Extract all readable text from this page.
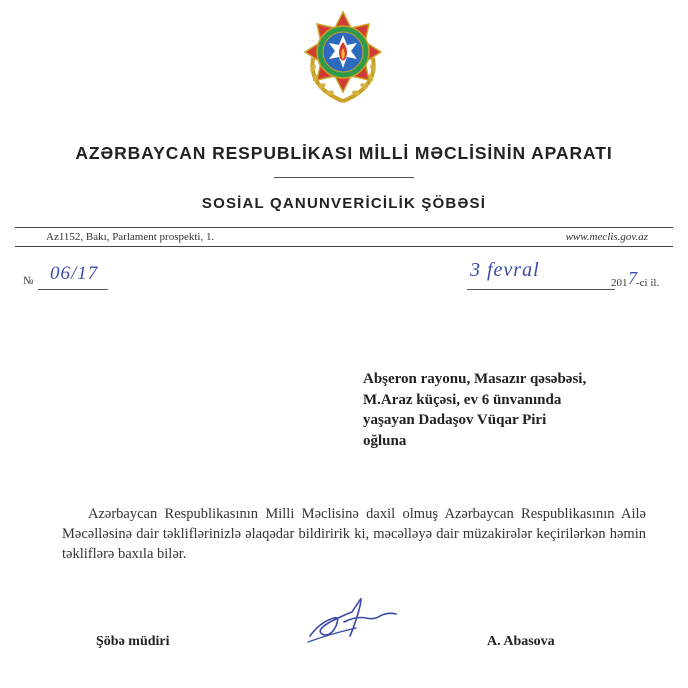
AZƏRBAYCAN RESPUBLİKASI MİLLİ MƏCLİSİNİN APARATI
SOSİAL QANUNVERİCİLİK ŞÖBƏSİ
Az1152, Bakı, Parlament prospekti, 1.	www.meclis.gov.az
№ 06/17	3 fevral
201 7 -ci il.
Abşeron rayonu, Masazır qəsəbəsi,
M.Araz küçəsi, ev 6 ünvanında
yaşayan Dadaşov Vüqar Piri
oğluna
Azərbaycan Respublikasının Milli Məclisinə daxil olmuş Azərbaycan Respublikasının Ailə Məcəlləsinə dair təkliflərinizlə əlaqədar bildiririk ki, məcəlləyə dair müzakirələr keçirilərkən həmin təkliflərə baxıla bilər.
Şöbə müdiri	A. Abasova
